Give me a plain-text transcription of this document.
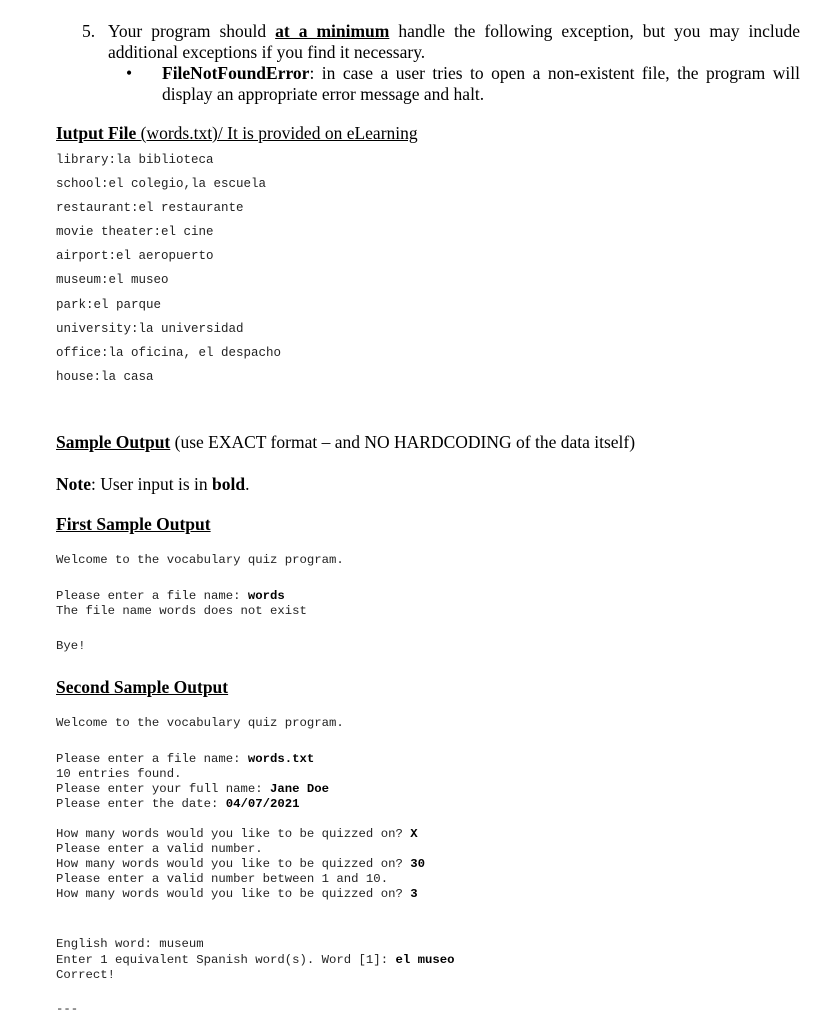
5. Your program should at a minimum handle the following exception, but you may include additional exceptions if you find it necessary.
• FileNotFoundError: in case a user tries to open a non-existent file, the program will display an appropriate error message and halt.
Iutput File (words.txt)/ It is provided on eLearning
library:la biblioteca
school:el colegio,la escuela
restaurant:el restaurante
movie theater:el cine
airport:el aeropuerto
museum:el museo
park:el parque
university:la universidad
office:la oficina, el despacho
house:la casa
Sample Output (use EXACT format – and NO HARDCODING of the data itself)
Note: User input is in bold.
First Sample Output
Welcome to the vocabulary quiz program.
Please enter a file name: words
The file name words does not exist
Bye!
Second Sample Output
Welcome to the vocabulary quiz program.
Please enter a file name: words.txt
10 entries found.
Please enter your full name: Jane Doe
Please enter the date: 04/07/2021
How many words would you like to be quizzed on? X
Please enter a valid number.
How many words would you like to be quizzed on? 30
Please enter a valid number between 1 and 10.
How many words would you like to be quizzed on? 3
English word: museum
Enter 1 equivalent Spanish word(s). Word [1]: el museo
Correct!
---
